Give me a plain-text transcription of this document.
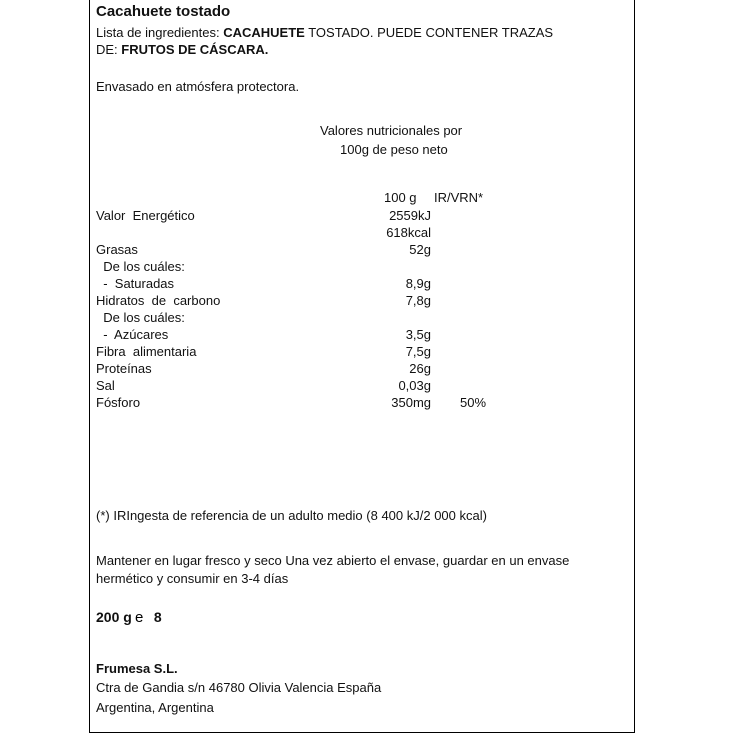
Cacahuete tostado
Lista de ingredientes: CACAHUETE TOSTADO. PUEDE CONTENER TRAZAS
DE: FRUTOS DE CÁSCARA.
Envasado en atmósfera protectora.
Valores nutricionales por
100g de peso neto
100 g IR/VRN*
Valor  Energético	2559kJ
618kcal
Grasas	52g
De los cuáles:
-  Saturadas	8,9g
Hidratos  de  carbono	7,8g
De los cuáles:
-  Azúcares	3,5g
Fibra  alimentaria	7,5g
Proteínas	26g
Sal	0,03g
Fósforo	350mg 50%
(*) IRIngesta de referencia de un adulto medio (8 400 kJ/2 000 kcal)
Mantener en lugar fresco y seco Una vez abierto el envase, guardar en un envase
hermético y consumir en 3-4 días
200 g e 8
Frumesa S.L.
Ctra de Gandia s/n 46780 Olivia Valencia España
Argentina, Argentina
